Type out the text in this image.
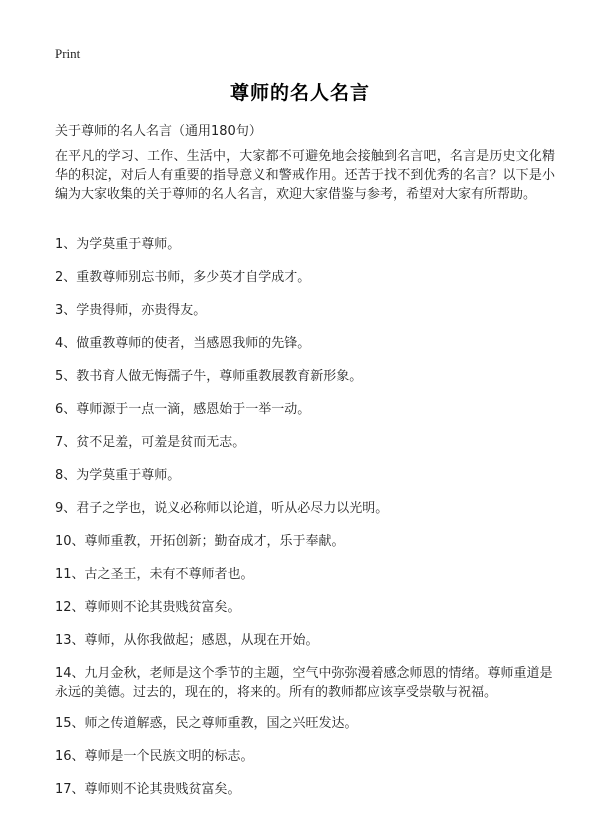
Print
尊师的名人名言
关于尊师的名人名言（通用180句）
在平凡的学习、工作、生活中，大家都不可避免地会接触到名言吧，名言是历史文化精华的积淀，对后人有重要的指导意义和警戒作用。还苦于找不到优秀的名言？以下是小编为大家收集的关于尊师的名人名言，欢迎大家借鉴与参考，希望对大家有所帮助。
1、为学莫重于尊师。
2、重教尊师别忘书师，多少英才自学成才。
3、学贵得师，亦贵得友。
4、做重教尊师的使者，当感恩我师的先锋。
5、教书育人做无悔孺子牛，尊师重教展教育新形象。
6、尊师源于一点一滴，感恩始于一举一动。
7、贫不足羞，可羞是贫而无志。
8、为学莫重于尊师。
9、君子之学也，说义必称师以论道，听从必尽力以光明。
10、尊师重教，开拓创新；勤奋成才，乐于奉献。
11、古之圣王，未有不尊师者也。
12、尊师则不论其贵贱贫富矣。
13、尊师，从你我做起；感恩，从现在开始。
14、九月金秋，老师是这个季节的主题，空气中弥弥漫着感念师恩的情绪。尊师重道是永远的美德。过去的，现在的，将来的。所有的教师都应该享受崇敬与祝福。
15、师之传道解惑，民之尊师重教，国之兴旺发达。
16、尊师是一个民族文明的标志。
17、尊师则不论其贵贱贫富矣。
